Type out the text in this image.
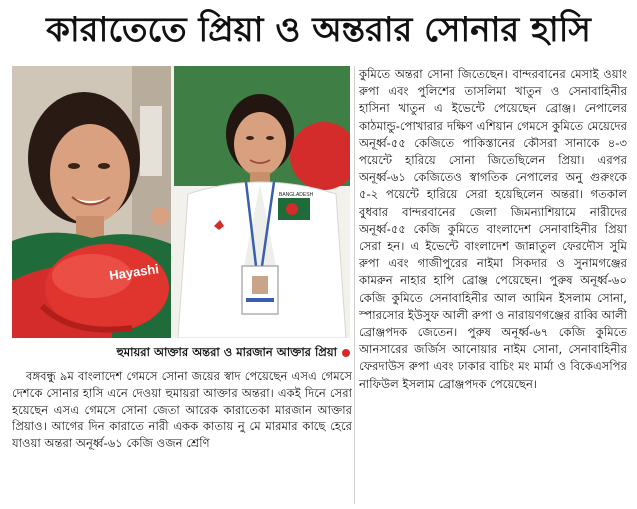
কারাতেতে প্রিয়া ও অন্তরার সোনার হাসি
Hayashi
BANGLADESH
হুমায়রা আক্তার অন্তরা ও মারজান আক্তার প্রিয়া
বঙ্গবন্ধু ৯ম বাংলাদেশ গেমসে সোনা জয়ের স্বাদ পেয়েছেন এসএ গেমসে দেশকে সোনার হাসি এনে দেওয়া হুমায়রা আক্তার অন্তরা। একই দিনে সেরা হয়েছেন এসএ গেমসে সোনা জেতা আরেক কারাতেকা মারজান আক্তার প্রিয়াও। আগের দিন কারাতে নারী একক কাতায় নু মে মারমার কাছে হেরে যাওয়া অন্তরা অনূর্ধ্ব-৬১ কেজি ওজন শ্রেণি
কুমিতে অন্তরা সোনা জিতেছেন। বান্দরবানের মেসাই ওয়াং রুপা এবং পুলিশের তাসলিমা খাতুন ও সেনাবাহিনীর হাসিনা খাতুন এ ইভেন্টে পেয়েছেন ব্রোঞ্জ। নেপালের কাঠমান্ডু-পোখারার দক্ষিণ এশিয়ান গেমসে কুমিতে মেয়েদের অনূর্ধ্ব-৫৫ কেজিতে পাকিস্তানের কৌসরা সানাকে ৪-৩ পয়েন্টে হারিয়ে সোনা জিতেছিলেন প্রিয়া। এরপর অনূর্ধ্ব-৬১ কেজিতেও স্বাগতিক নেপালের অনু গুরুংকে ৫-২ পয়েন্টে হারিয়ে সেরা হয়েছিলেন অন্তরা। গতকাল বুধবার বান্দরবানের জেলা জিমন্যাশিয়ামে নারীদের অনূর্ধ্ব-৫৫ কেজি কুমিতে বাংলাদেশ সেনাবাহিনীর প্রিয়া সেরা হন। এ ইভেন্টে বাংলাদেশ জান্নাতুল ফেরদৌস সুমি রুপা এবং গাজীপুরের নাইমা সিকদার ও সুনামগঞ্জের কামরুন নাহার হাপি ব্রোঞ্জ পেয়েছেন। পুরুষ অনূর্ধ্ব-৬০ কেজি কুমিতে সেনাবাহিনীর আল আমিন ইসলাম সোনা, স্পারসোর ইউসুফ আলী রুপা ও নারায়ণগঞ্জের রাব্বি আলী ব্রোঞ্জপদক জেতেন। পুরুষ অনূর্ধ্ব-৬৭ কেজি কুমিতে আনসারের জর্জিস আনোয়ার নাইম সোনা, সেনাবাহিনীর ফেরদাউস রুপা এবং ঢাকার বাচিং মং মার্মা ও বিকেএসপির নাফিউল ইসলাম ব্রোঞ্জপদক পেয়েছেন।
